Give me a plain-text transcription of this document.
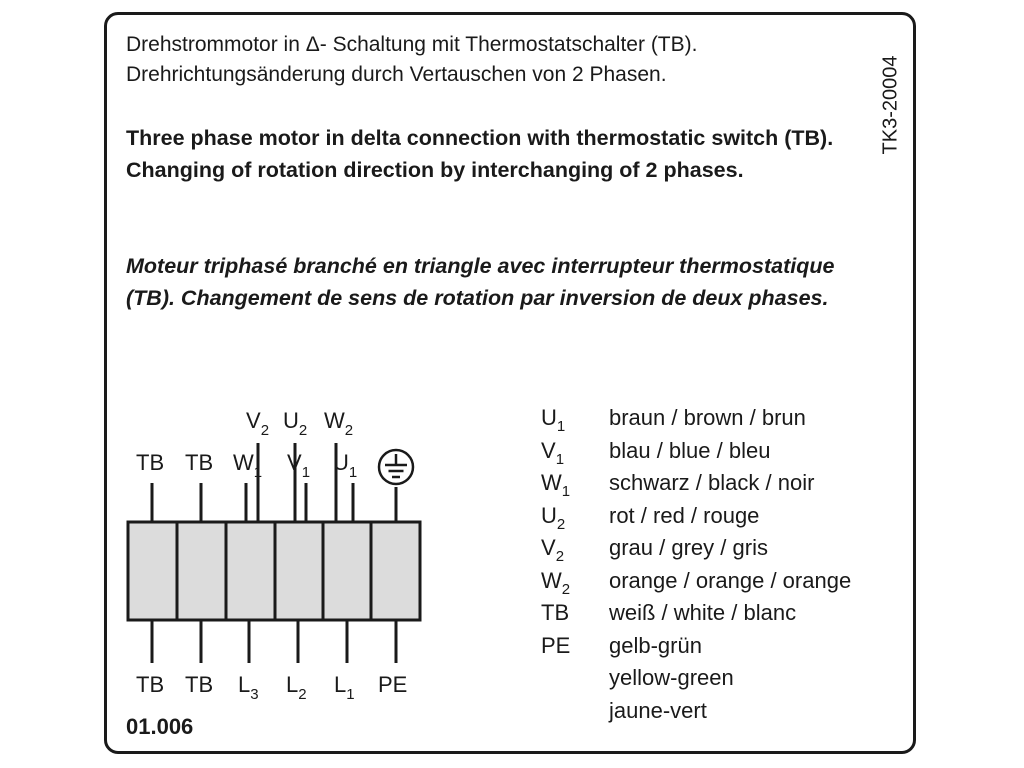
Drehstrommotor in Δ- Schaltung mit Thermostatschalter (TB).
Drehrichtungsänderung durch Vertauschen von 2 Phasen.
Three phase motor in delta connection with thermostatic switch (TB). Changing of rotation direction by interchanging of 2 phases.
Moteur triphasé branché en triangle avec interrupteur thermostatique (TB). Changement de sens de rotation par inversion de deux phases.
TK3-20004
$V_2$ $U_2$ $W_2$
TB TB $W_1$ $V_1$ $U_1$
TB TB $L_3$ $L_2$ $L_1$ PE
$U_1$	braun / brown / brun
$V_1$	blau / blue / bleu
$W_1$	schwarz / black / noir
$U_2$	rot / red / rouge
$V_2$	grau / grey / gris
$W_2$	orange / orange / orange
TB	weiß / white / blanc
PE	gelb-grün
yellow-green
jaune-vert
01.006
